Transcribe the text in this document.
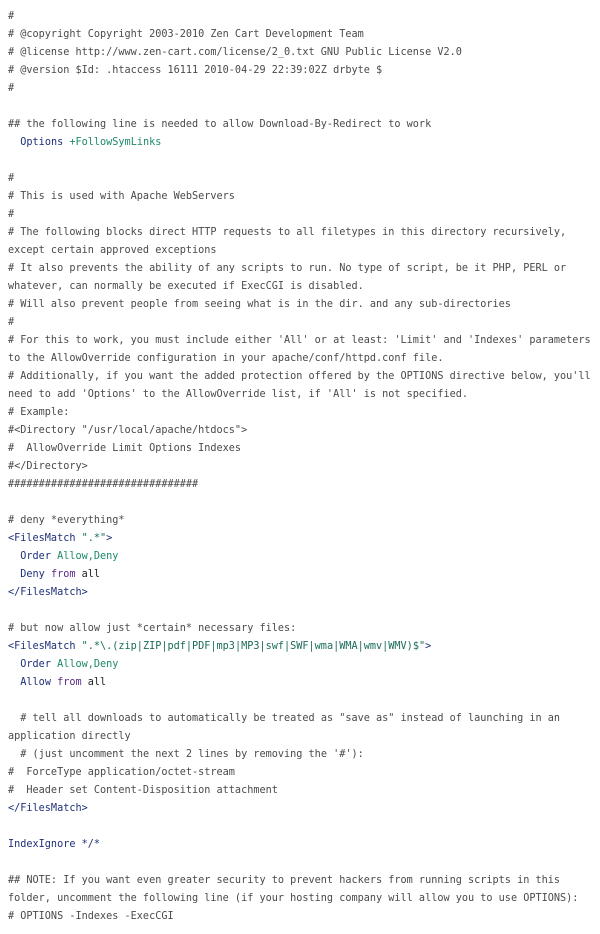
#
# @copyright Copyright 2003-2010 Zen Cart Development Team
# @license http://www.zen-cart.com/license/2_0.txt GNU Public License V2.0
# @version $Id: .htaccess 16111 2010-04-29 22:39:02Z drbyte $
#
## the following line is needed to allow Download-By-Redirect to work
Options +FollowSymLinks
#
# This is used with Apache WebServers
#
# The following blocks direct HTTP requests to all filetypes in this directory recursively, except certain approved exceptions
# It also prevents the ability of any scripts to run. No type of script, be it PHP, PERL or whatever, can normally be executed if ExecCGI is disabled.
# Will also prevent people from seeing what is in the dir. and any sub-directories
#
# For this to work, you must include either 'All' or at least: 'Limit' and 'Indexes' parameters to the AllowOverride configuration in your apache/conf/httpd.conf file.
# Additionally, if you want the added protection offered by the OPTIONS directive below, you'll need to add 'Options' to the AllowOverride list, if 'All' is not specified.
# Example:
#<Directory "/usr/local/apache/htdocs">
#  AllowOverride Limit Options Indexes
#</Directory>
###############################
# deny *everything*
<FilesMatch ".*">
Order Allow,Deny
Deny from all
</FilesMatch>
# but now allow just *certain* necessary files:
<FilesMatch ".*\.(zip|ZIP|pdf|PDF|mp3|MP3|swf|SWF|wma|WMA|wmv|WMV)$">
Order Allow,Deny
Allow from all
# tell all downloads to automatically be treated as "save as" instead of launching in an application directly
# (just uncomment the next 2 lines by removing the '#'):
#  ForceType application/octet-stream
#  Header set Content-Disposition attachment
</FilesMatch>
IndexIgnore */*
## NOTE: If you want even greater security to prevent hackers from running scripts in this folder, uncomment the following line (if your hosting company will allow you to use OPTIONS):
# OPTIONS -Indexes -ExecCGI
